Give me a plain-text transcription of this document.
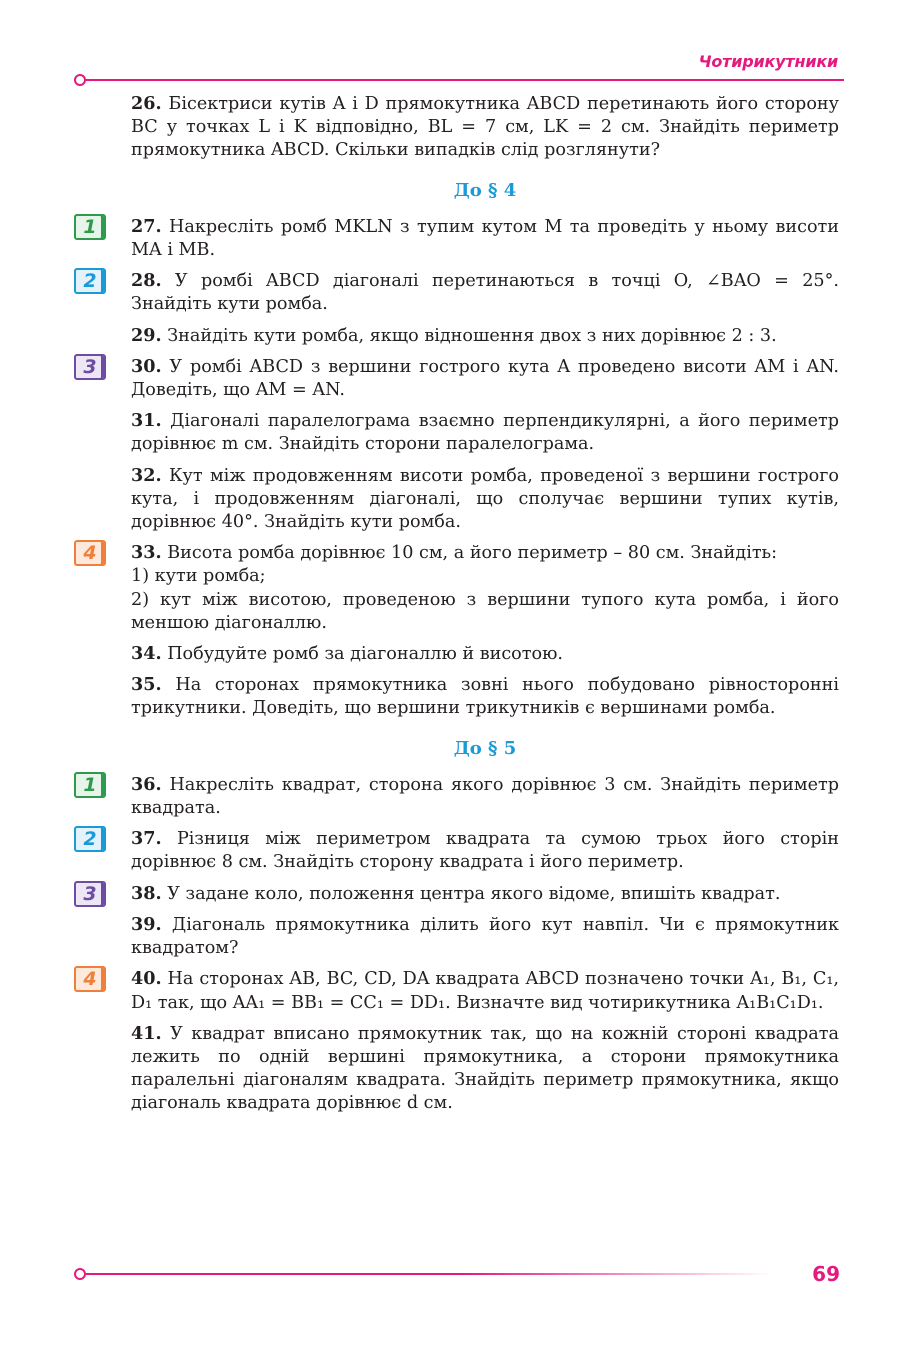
Чотирикутники
26. Бісектриси кутів A і D прямокутника ABCD перетинають його сторону BC у точках L і K відповідно, BL = 7 см, LK = 2 см. Знайдіть периметр прямокутника ABCD. Скільки випадків слід розглянути?
До § 4
1	27. Накресліть ромб MKLN з тупим кутом M та проведіть у ньому висоти MA і MB.
2	28. У ромбі ABCD діагоналі перетинаються в точці O, ∠BAO = 25°. Знайдіть кути ромба.
29. Знайдіть кути ромба, якщо відношення двох з них дорівнює 2 : 3.
3	30. У ромбі ABCD з вершини гострого кута A проведено висоти AM і AN. Доведіть, що AM = AN.
31. Діагоналі паралелограма взаємно перпендикулярні, а його периметр дорівнює m см. Знайдіть сторони паралелограма.
32. Кут між продовженням висоти ромба, проведеної з вершини гострого кута, і продовженням діагоналі, що сполучає вершини тупих кутів, дорівнює 40°. Знайдіть кути ромба.
4	33. Висота ромба дорівнює 10 см, а його периметр – 80 см. Знайдіть:
1) кути ромба;
2) кут між висотою, проведеною з вершини тупого кута ромба, і його меншою діагоналлю.
34. Побудуйте ромб за діагоналлю й висотою.
35. На сторонах прямокутника зовні нього побудовано рівносторонні трикутники. Доведіть, що вершини трикутників є вершинами ромба.
До § 5
1	36. Накресліть квадрат, сторона якого дорівнює 3 см. Знайдіть периметр квадрата.
2	37. Різниця між периметром квадрата та сумою трьох його сторін дорівнює 8 см. Знайдіть сторону квадрата і його периметр.
3	38. У задане коло, положення центра якого відоме, впишіть квадрат.
39. Діагональ прямокутника ділить його кут навпіл. Чи є прямокутник квадратом?
4	40. На сторонах AB, BC, CD, DA квадрата ABCD позначено точки A₁, B₁, C₁, D₁ так, що AA₁ = BB₁ = CC₁ = DD₁. Визначте вид чотирикутника A₁B₁C₁D₁.
41. У квадрат вписано прямокутник так, що на кожній стороні квадрата лежить по одній вершині прямокутника, а сторони прямокутника паралельні діагоналям квадрата. Знайдіть периметр прямокутника, якщо діагональ квадрата дорівнює d см.
69
